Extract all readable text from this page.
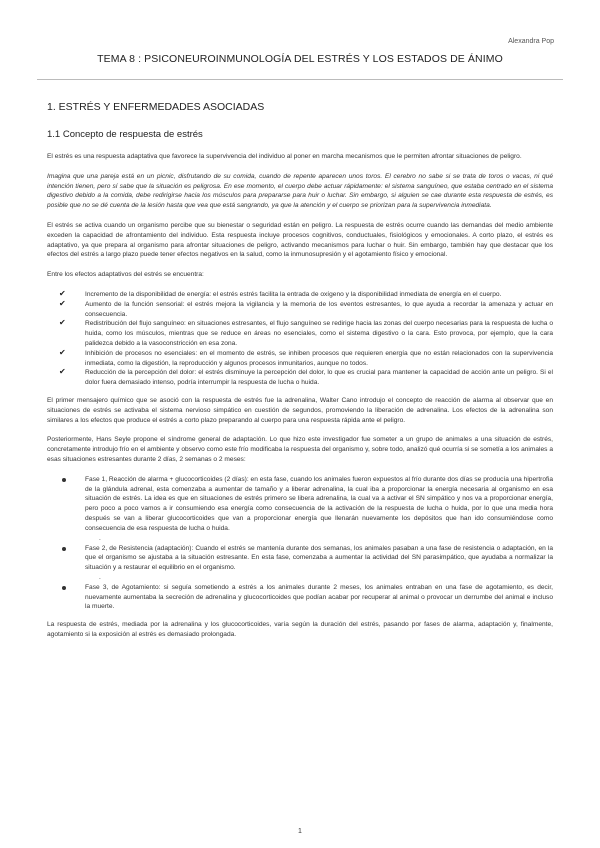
Alexandra Pop
TEMA 8 : PSICONEUROINMUNOLOGÍA DEL ESTRÉS Y LOS ESTADOS DE ÁNIMO
1. ESTRÉS Y ENFERMEDADES ASOCIADAS
1.1 Concepto de respuesta de estrés

El estrés es una respuesta adaptativa que favorece la supervivencia del individuo al poner en marcha mecanismos que le permiten afrontar situaciones de peligro.

Imagina que una pareja está en un picnic, disfrutando de su comida, cuando de repente aparecen unos toros. El cerebro no sabe si se trata de toros o vacas, ni qué intención tienen, pero sí sabe que la situación es peligrosa. En ese momento, el cuerpo debe actuar rápidamente: el sistema sanguíneo, que estaba centrado en el sistema digestivo debido a la comida, debe redirigirse hacia los músculos para prepararse para huir o luchar. Sin embargo, si alguien se cae durante esta respuesta de estrés, es posible que no se dé cuenta de la lesión hasta que vea que está sangrando, ya que la atención y el cuerpo se priorizan para la supervivencia inmediata.

El estrés se activa cuando un organismo percibe que su bienestar o seguridad están en peligro. La respuesta de estrés ocurre cuando las demandas del medio ambiente exceden la capacidad de afrontamiento del individuo. Esta respuesta incluye procesos cognitivos, conductuales, fisiológicos y emocionales. A corto plazo, el estrés es adaptativo, ya que prepara al organismo para afrontar situaciones de peligro, activando mecanismos para luchar o huir. Sin embargo, también hay que destacar que los efectos del estrés a largo plazo puede tener efectos negativos en la salud, como la inmunosupresión y el agotamiento físico y emocional.

Entre los efectos adaptativos del estrés se encuentra:

✔	Incremento de la disponibilidad de energía: el estrés estrés facilita la entrada de oxígeno y la disponibilidad inmediata de energía en el cuerpo.
✔	Aumento de la función sensorial: el estrés mejora la vigilancia y la memoria de los eventos estresantes, lo que ayuda a recordar la amenaza y actuar en consecuencia.
✔	Redistribución del flujo sanguíneo: en situaciones estresantes, el flujo sanguíneo se redirige hacia las zonas del cuerpo necesarias para la respuesta de lucha o huida, como los músculos, mientras que se reduce en áreas no esenciales, como el sistema digestivo o la cara. Esto provoca, por ejemplo, que la cara palidezca debido a la vasoconstricción en esa zona.
✔	Inhibición de procesos no esenciales: en el momento de estrés, se inhiben procesos que requieren energía que no están relacionados con la supervivencia inmediata, como la digestión, la reproducción y algunos procesos inmunitarios, aunque no todos.
✔	Reducción de la percepción del dolor: el estrés disminuye la percepción del dolor, lo que es crucial para mantener la capacidad de acción ante un peligro. Si el dolor fuera demasiado intenso, podría interrumpir la respuesta de lucha o huida.

El primer mensajero químico que se asoció con la respuesta de estrés fue la adrenalina, Walter Cano introdujo el concepto de reacción de alarma al observar que en situaciones de estrés se activaba el sistema nervioso simpático en cuestión de segundos, promoviendo la liberación de adrenalina. Los efectos de la adrenalina son similares a los efectos que produce el estrés a corto plazo preparando al cuerpo para una respuesta rápida ante el peligro.

Posteriormente, Hans Seyle propone el síndrome general de adaptación. Lo que hizo este investigador fue someter a un grupo de animales a una situación de estrés, concretamente introdujo frío en el ambiente y observo como este frío modificaba la respuesta del organismo y, sobre todo, analizó qué ocurría si se sometía a los animales a esas situaciones estresantes durante 2 días, 2 semanas o 2 meses:

Fase 1, Reacción de alarma + glucocorticoides (2 días): en esta fase, cuando los animales fueron expuestos al frío durante dos días se producía una hipertrofia de la glándula adrenal, esta comenzaba a aumentar de tamaño y a liberar adrenalina, la cual iba a proporcionar la energía necesaria al organismo en esa situación de estrés. La idea es que en situaciones de estrés primero se libera adrenalina, la cual va a activar el SN simpático y nos va a proporcionar energía, pero poco a poco vamos a ir consumiendo esa energía como consecuencia de la activación de la respuesta de lucha o huida, por lo que una media hora después se van a liberar glucocorticoides que van a proporcionar energía que llenarán nuevamente los depósitos que han ido consumiéndose como consecuencia de esa respuesta de lucha o huida.
.
Fase 2, de Resistencia (adaptación): Cuando el estrés se mantenía durante dos semanas, los animales pasaban a una fase de resistencia o adaptación, en la que el organismo se ajustaba a la situación estresante. En esta fase, comenzaba a aumentar la actividad del SN parasimpático, que ayudaba a normalizar la situación y a restaurar el equilibrio en el organismo.
.
Fase 3, de Agotamiento: si seguía sometiendo a estrés a los animales durante 2 meses, los animales entraban en una fase de agotamiento, es decir, nuevamente aumentaba la secreción de adrenalina y glucocorticoides que podían acabar por recuperar al animal o provocar un derrumbe del animal e incluso la muerte.

La respuesta de estrés, mediada por la adrenalina y los glucocorticoides, varía según la duración del estrés, pasando por fases de alarma, adaptación y, finalmente, agotamiento si la exposición al estrés es demasiado prolongada.

1
